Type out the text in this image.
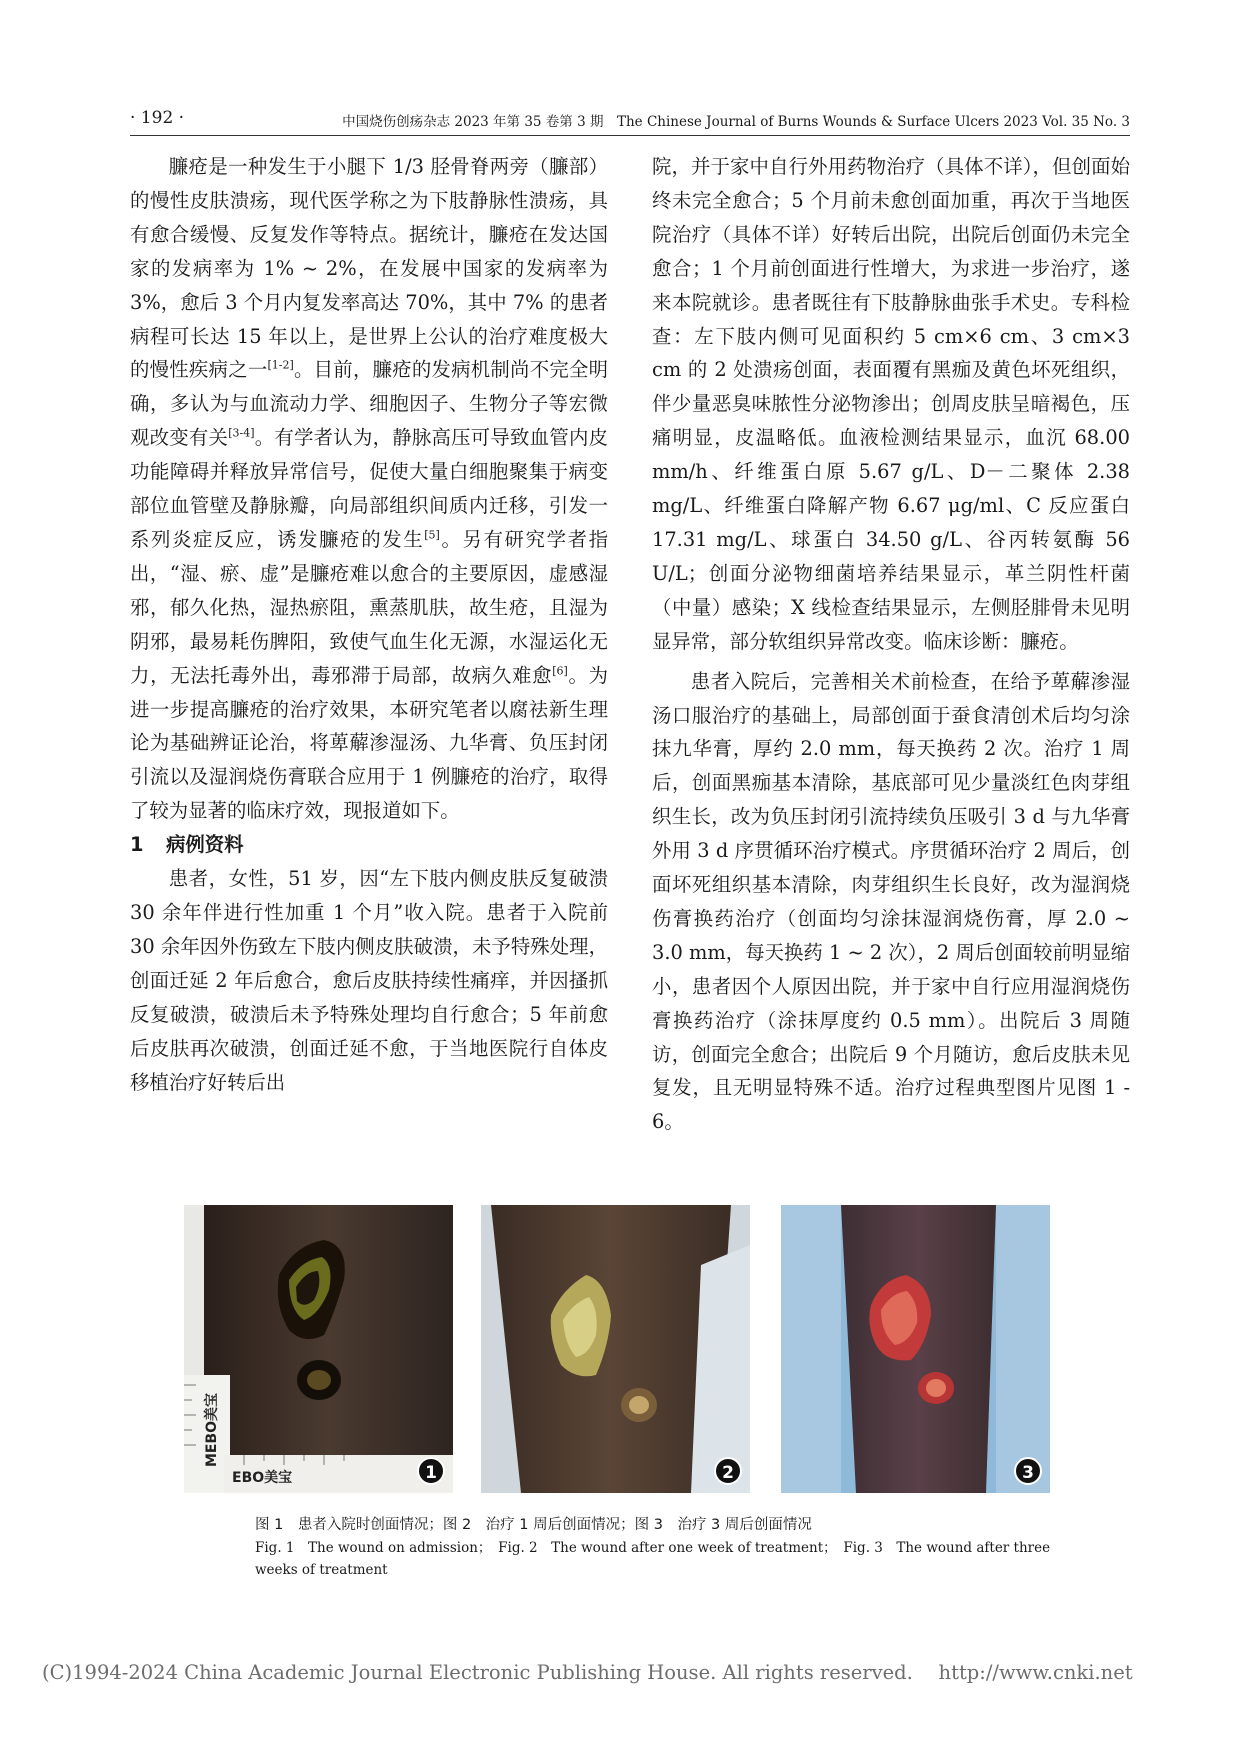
· 192 ·	中国烧伤创疡杂志 2023 年第 35 卷第 3 期　The Chinese Journal of Burns Wounds & Surface Ulcers 2023 Vol. 35 No. 3

臁疮是一种发生于小腿下 1/3 胫骨脊两旁（臁部）的慢性皮肤溃疡，现代医学称之为下肢静脉性溃疡，具有愈合缓慢、反复发作等特点。据统计，臁疮在发达国家的发病率为 1% ~ 2%，在发展中国家的发病率为 3%，愈后 3 个月内复发率高达 70%，其中 7% 的患者病程可长达 15 年以上，是世界上公认的治疗难度极大的慢性疾病之一[1-2]。目前，臁疮的发病机制尚不完全明确，多认为与血流动力学、细胞因子、生物分子等宏微观改变有关[3-4]。有学者认为，静脉高压可导致血管内皮功能障碍并释放异常信号，促使大量白细胞聚集于病变部位血管壁及静脉瓣，向局部组织间质内迁移，引发一系列炎症反应，诱发臁疮的发生[5]。另有研究学者指出，“湿、瘀、虚”是臁疮难以愈合的主要原因，虚感湿邪，郁久化热，湿热瘀阻，熏蒸肌肤，故生疮，且湿为阴邪，最易耗伤脾阳，致使气血生化无源，水湿运化无力，无法托毒外出，毒邪滞于局部，故病久难愈[6]。为进一步提高臁疮的治疗效果，本研究笔者以腐祛新生理论为基础辨证论治，将萆薢渗湿汤、九华膏、负压封闭引流以及湿润烧伤膏联合应用于 1 例臁疮的治疗，取得了较为显著的临床疗效，现报道如下。

1 病例资料

患者，女性，51 岁，因“左下肢内侧皮肤反复破溃 30 余年伴进行性加重 1 个月”收入院。患者于入院前 30 余年因外伤致左下肢内侧皮肤破溃，未予特殊处理，创面迁延 2 年后愈合，愈后皮肤持续性痛痒，并因搔抓反复破溃，破溃后未予特殊处理均自行愈合；5 年前愈后皮肤再次破溃，创面迁延不愈，于当地医院行自体皮移植治疗好转后出

院，并于家中自行外用药物治疗（具体不详），但创面始终未完全愈合；5 个月前未愈创面加重，再次于当地医院治疗（具体不详）好转后出院，出院后创面仍未完全愈合；1 个月前创面进行性增大，为求进一步治疗，遂来本院就诊。患者既往有下肢静脉曲张手术史。专科检查：左下肢内侧可见面积约 5 cm×6 cm、3 cm×3 cm 的 2 处溃疡创面，表面覆有黑痂及黄色坏死组织，伴少量恶臭味脓性分泌物渗出；创周皮肤呈暗褐色，压痛明显，皮温略低。血液检测结果显示，血沉 68.00 mm/h、纤维蛋白原 5.67 g/L、D－二聚体 2.38 mg/L、纤维蛋白降解产物 6.67 μg/ml、C 反应蛋白 17.31 mg/L、球蛋白 34.50 g/L、谷丙转氨酶 56 U/L；创面分泌物细菌培养结果显示，革兰阴性杆菌（中量）感染；X 线检查结果显示，左侧胫腓骨未见明显异常，部分软组织异常改变。临床诊断：臁疮。

患者入院后，完善相关术前检查，在给予萆薢渗湿汤口服治疗的基础上，局部创面于蚕食清创术后均匀涂抹九华膏，厚约 2.0 mm，每天换药 2 次。治疗 1 周后，创面黑痂基本清除，基底部可见少量淡红色肉芽组织生长，改为负压封闭引流持续负压吸引 3 d 与九华膏外用 3 d 序贯循环治疗模式。序贯循环治疗 2 周后，创面坏死组织基本清除，肉芽组织生长良好，改为湿润烧伤膏换药治疗（创面均匀涂抹湿润烧伤膏，厚 2.0 ~ 3.0 mm，每天换药 1 ~ 2 次），2 周后创面较前明显缩小，患者因个人原因出院，并于家中自行应用湿润烧伤膏换药治疗（涂抹厚度约 0.5 mm）。出院后 3 周随访，创面完全愈合；出院后 9 个月随访，愈后皮肤未见复发，且无明显特殊不适。治疗过程典型图片见图 1 - 6。

MEBO美宝
EBO美宝	1	2	3
图 1　患者入院时创面情况；图 2　治疗 1 周后创面情况；图 3　治疗 3 周后创面情况
Fig. 1　The wound on admission；　Fig. 2　The wound after one week of treatment；　Fig. 3　The wound after three weeks of treatment
(C)1994-2024 China Academic Journal Electronic Publishing House. All rights reserved.　 http://www.cnki.net
